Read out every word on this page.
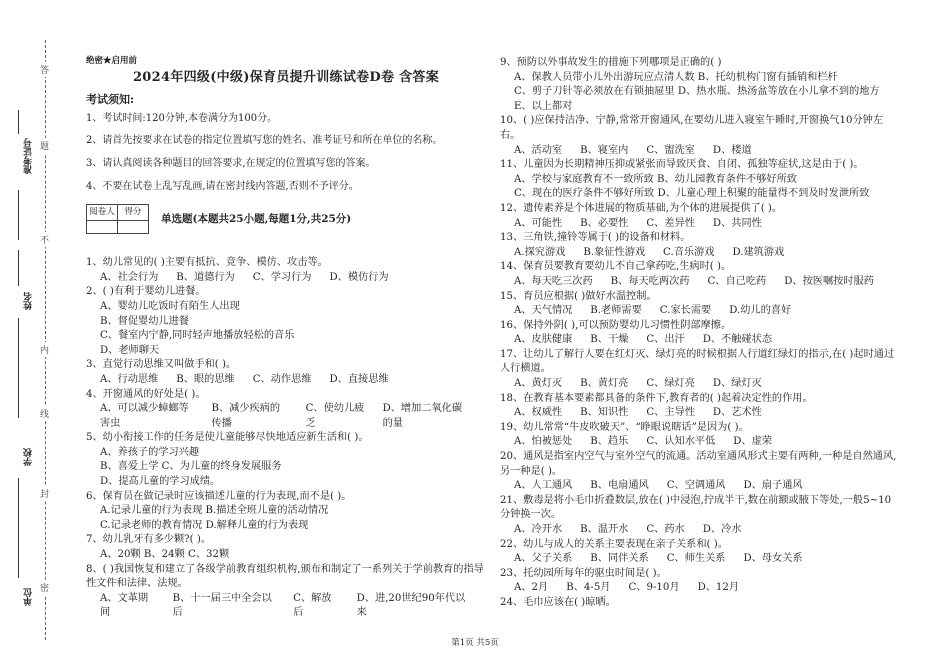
准考证号
姓名
学校
单位
答
题
不
内
线
封
密
绝密★启用前
2024年四级(中级)保育员提升训练试卷D卷 含答案
考试须知:

1、考试时间:120分钟,本卷满分为100分。

2、请首先按要求在试卷的指定位置填写您的姓名、准考证号和所在单位的名称。

3、请认真阅读各种题目的回答要求,在规定的位置填写您的答案。

4、不要在试卷上乱写乱画,请在密封线内答题,否则不予评分。

阅卷人	得分

单选题(本题共25小题,每题1分,共25分)

1、幼儿常见的( )主要有抵抗、竞争、模仿、攻击等。

A、社会行为 B、道德行为 C、学习行为 D、模仿行为

2、( )有利于婴幼儿进餐。

A、婴幼儿吃饭时有陌生人出现

B、督促婴幼儿进餐

C、餐室内宁静,同时轻声地播放轻松的音乐

D、老师聊天

3、直觉行动思维又叫做手和( )。

A、行动思维 B、眼的思维 C、动作思维 D、直接思维

4、开窗通风的好处是( )。

A、可以减少蟑螂等害虫
B、减少疾病的传播
C、使幼儿疲乏
D、增加二氧化碳的量

5、幼小衔接工作的任务是使儿童能够尽快地适应新生活和( )。

A、养孩子的学习兴趣

B、喜爱上学 C、为儿童的终身发展服务

D、提高儿童的学习成绩。

6、保育员在做记录时应该描述儿童的行为表现,而不是( )。

A.记录儿童的行为表现 B.描述全班儿童的活动情况

C.记录老师的教育情况 D.解释儿童的行为表现

7、幼儿乳牙有多少颗?( )。

A、20颗 B、24颗 C、32颗

8、( )我国恢复和建立了各级学前教育组织机构,颁布和制定了一系列关于学前教育的指导性文件和法律、法规。

A、文革期间
B、十一届三中全会以后
C、解放后
D、进,20世纪90年代以来

9、预防以外事故发生的措施下列哪项是正确的( )

A、保教人员带小儿外出游玩应点清人数 B、托幼机构门窗有插销和栏杆

C、剪子刀针等必须放在有锁抽屉里 D、热水瓶、热汤盆等放在小儿拿不到的地方

E、以上都对

10、( )应保持洁净、宁静,常常开窗通风,在要幼儿进入寝室午睡时,开窗换气10分钟左右。

A、活动室 B、寝室内 C、盥洗室 D、楼道

11、儿童因为长期精神压抑或紧张而导致厌食、自闭、孤独等症状,这是由于( )。

A、学校与家庭教育不一致所致 B、幼儿园教育条件不够好所致

C、现在的医疗条件不够好所致 D、儿童心理上积聚的能量得不到及时发泄所致

12、遗传素养是个体进展的物质基础,为个体的进展提供了( )。

A、可能性 B、必要性 C、差异性 D、共同性

13、三角铁,撞铃等属于( )的设备和材料。

A.探究游戏 B.象征性游戏 C.音乐游戏 D.建筑游戏

14、保育员要教育要幼儿不自己拿药吃,生病时( )。

A、每天吃三次药 B、每天吃两次药 C、自己吃药 D、按医嘱按时服药

15、育员应根据( )做好水温控制。

A、天气情况 B.老师需要 C.家长需要 D.幼儿的喜好

16、保持外阴( ),可以预防婴幼儿习惯性阴部摩擦。

A、皮肤健康 B、干燥 C、出汗 D、不触碰状态

17、让幼儿了解行人要在红灯灭、绿灯亮的时候根据人行道红绿灯的指示,在( )起时通过人行横道。

A、黄灯灭 B、黄灯亮 C、绿灯亮 D、绿灯灭

18、在教育基本要素都具备的条件下,教育者的( )起着决定性的作用。

A、权威性 B、知识性 C、主导性 D、艺术性

19、幼儿常常“牛皮吹破天”、“睁眼说瞎话”是因为( )。

A、怕被惩处 B、趋乐 C、认知水平低 D、虚荣

20、通风是指室内空气与室外空气的流通。活动室通风形式主要有两种,一种是自然通风,另一种是( )。

A、人工通风 B、电扇通风 C、空调通风 D、扇子通风

21、敷毒是将小毛巾折叠数层,放在( )中浸泡,拧成半干,数在前额或腋下等处,一般5~10分钟换一次。

A、冷开水 B、温开水 C、药水 D、冷水

22、幼儿与成人的关系主要表现在亲子关系和( )。

A、父子关系 B、同伴关系 C、师生关系 D、母女关系

23、托幼园所每年的驱虫时间是( )。

A、2月 B、4-5月 C、9-10月 D、12月

24、毛巾应该在( )晾晒。

第1页 共5页
